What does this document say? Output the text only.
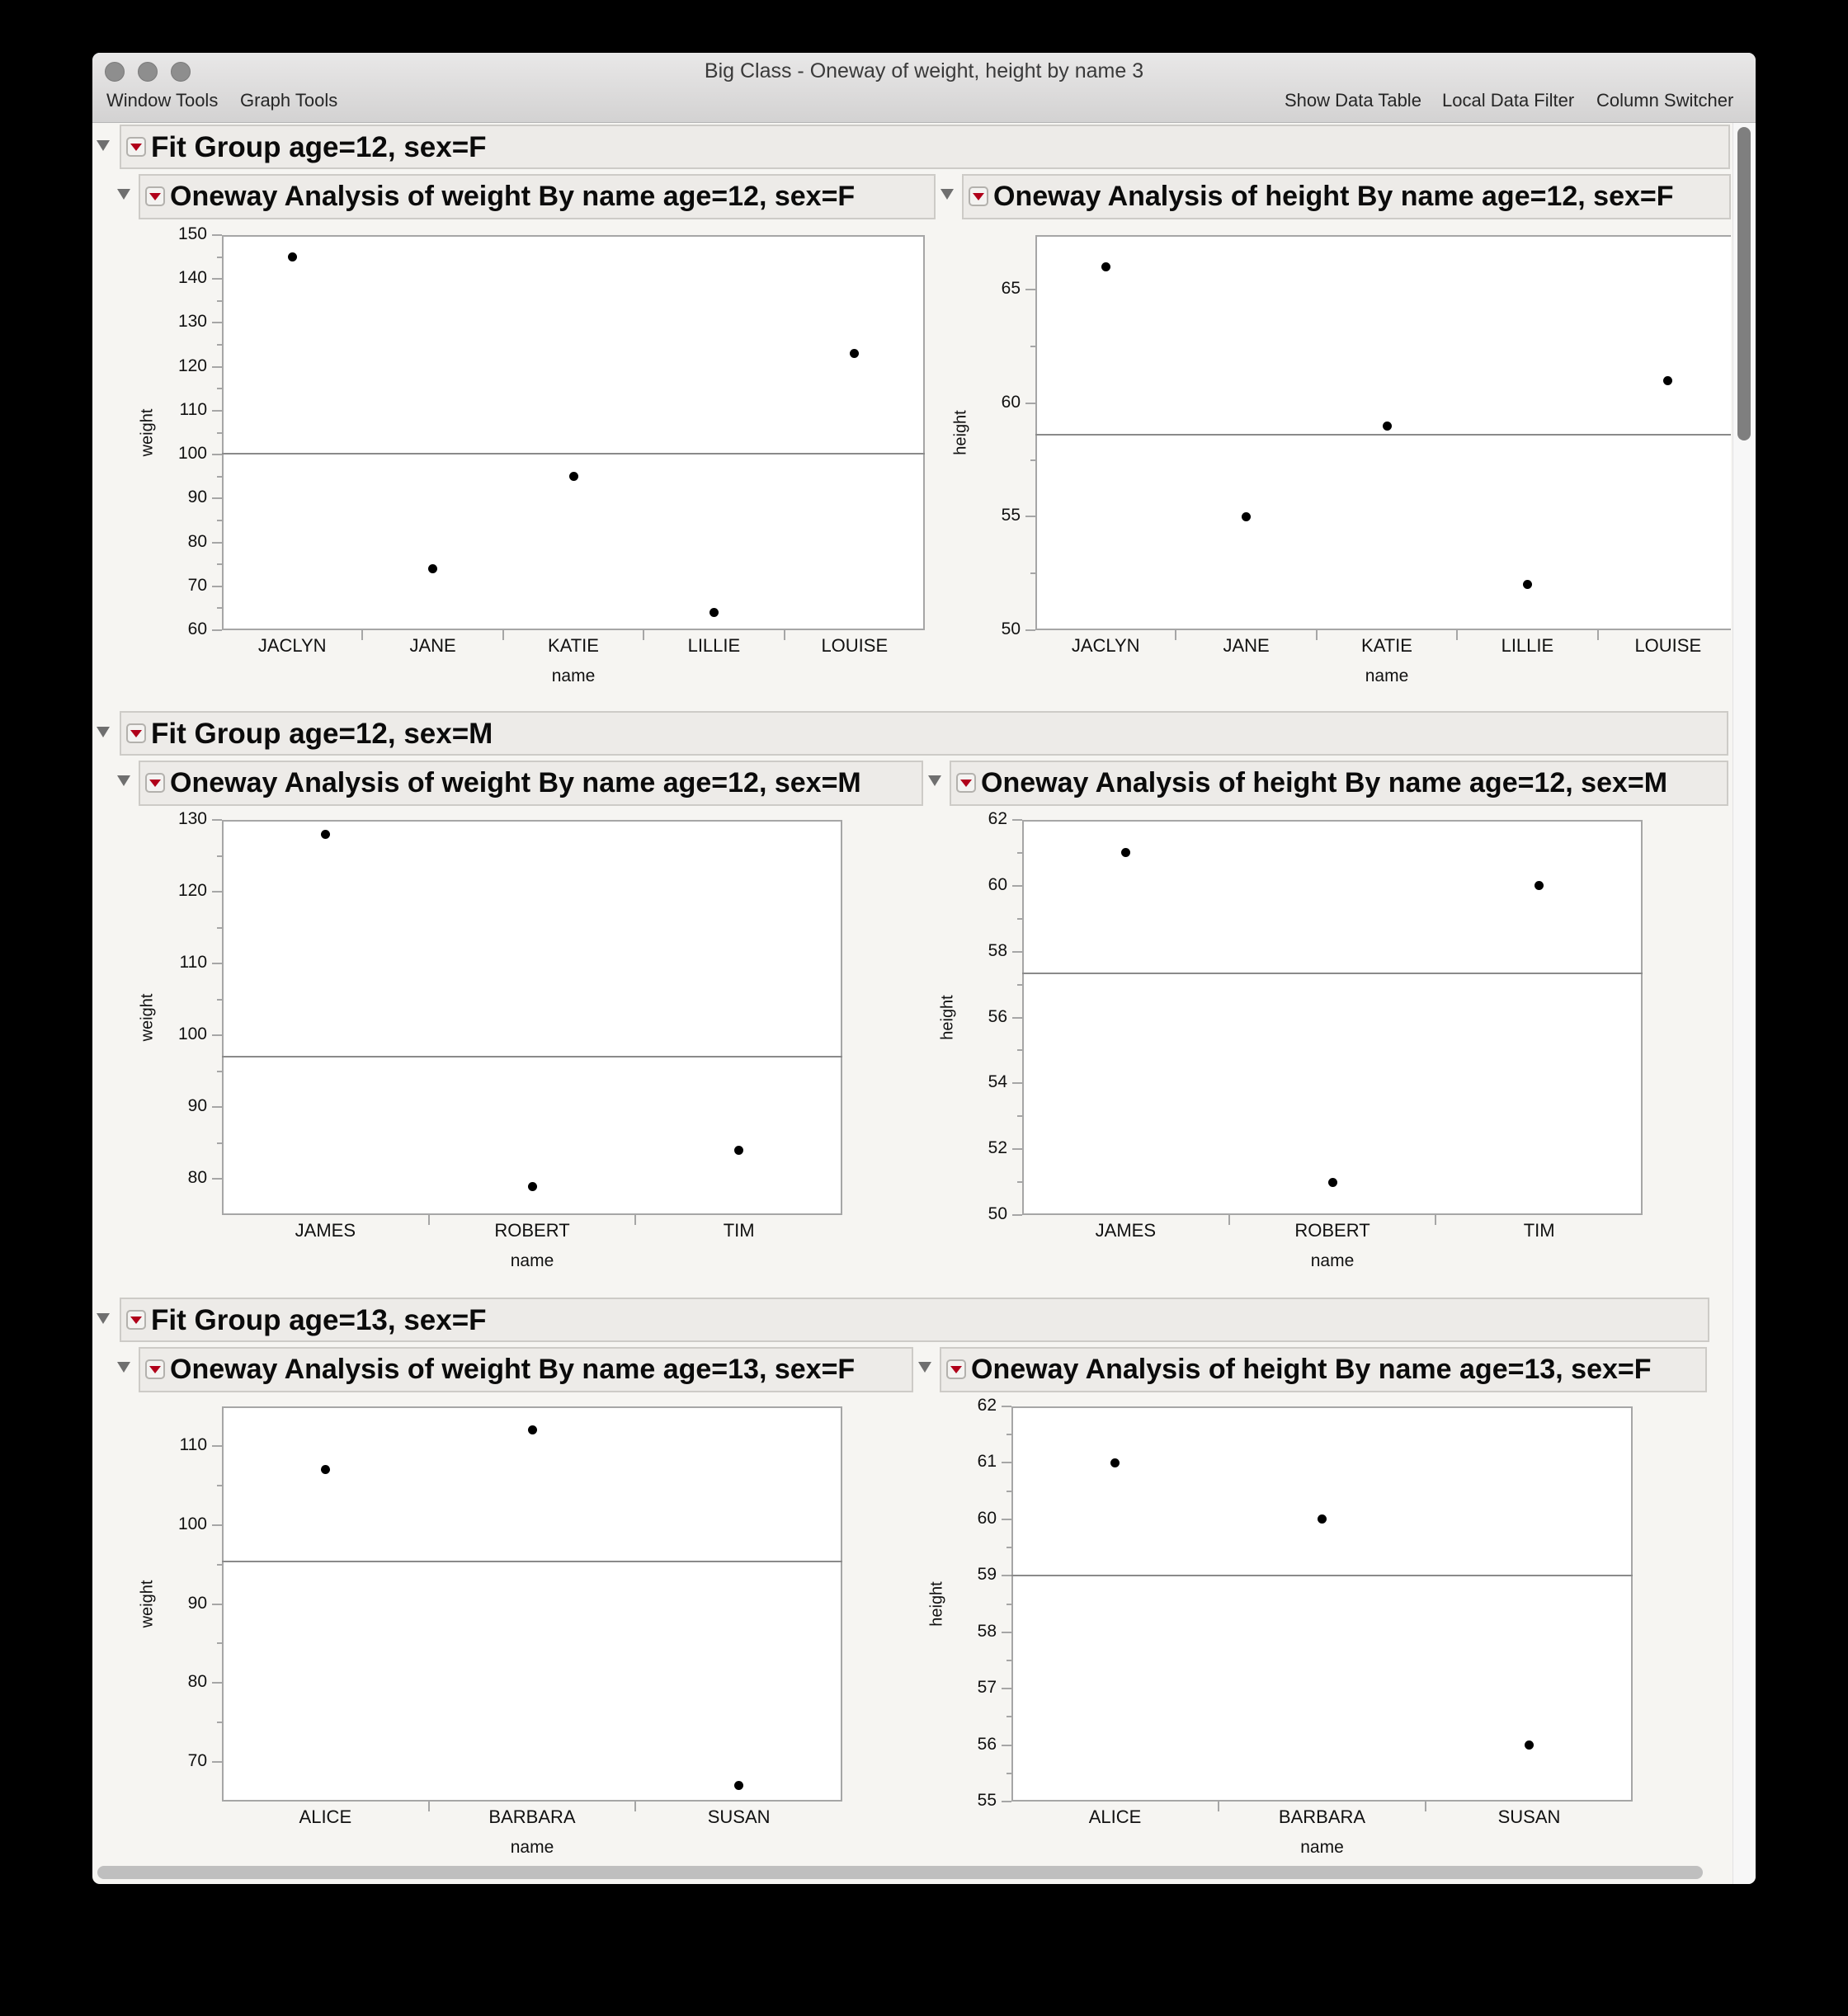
Big Class - Oneway of weight, height by name 3
Window Tools Graph Tools	Show Data Table Local Data Filter Column Switcher
Fit Group age=12, sex=F
Oneway Analysis of weight By name age=12, sex=F
60
70
80
90
100
110
120
130
140
150
weight
JACLYN	JANE	KATIE	LILLIE	LOUISE
name
Oneway Analysis of height By name age=12, sex=F
50
55
60
65
height
JACLYN	JANE	KATIE	LILLIE	LOUISE
name
Fit Group age=12, sex=M
Oneway Analysis of weight By name age=12, sex=M
80
90
100
110
120
130
weight
JAMES	ROBERT	TIM
name
Oneway Analysis of height By name age=12, sex=M
50
52
54
56
58
60
62
height
JAMES	ROBERT	TIM
name
Fit Group age=13, sex=F
Oneway Analysis of weight By name age=13, sex=F
70
80
90
100
110
weight
ALICE	BARBARA	SUSAN
name
Oneway Analysis of height By name age=13, sex=F
55
56
57
58
59
60
61
62
height
ALICE	BARBARA	SUSAN
name
